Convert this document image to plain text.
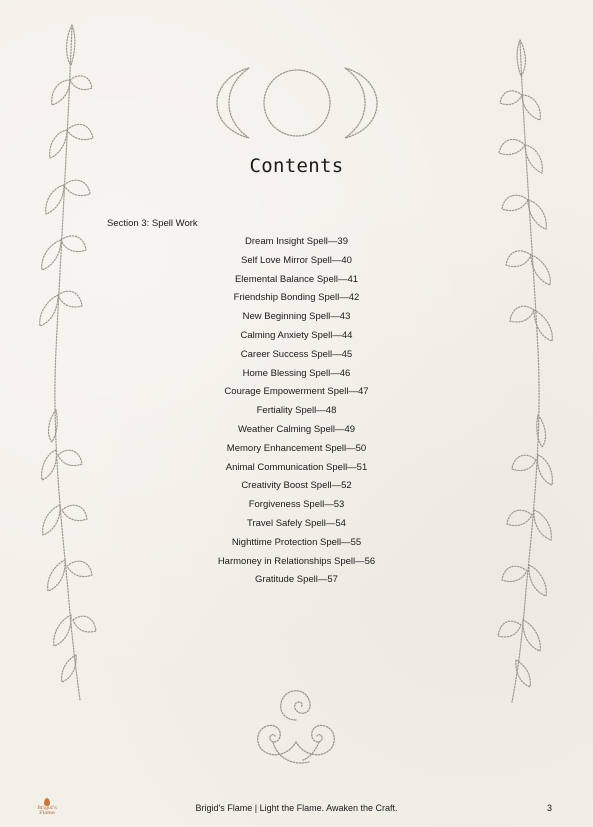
Contents
Section 3: Spell Work
Dream Insight Spell—39
Self Love Mirror Spell—40
Elemental Balance Spell—41
Friendship Bonding Spell—42
New Beginning Spell—43
Calming Anxiety Spell—44
Career Success Spell—45
Home Blessing Spell—46
Courage Empowerment Spell—47
Fertiality Spell—48
Weather Calming Spell—49
Memory Enhancement Spell—50
Animal Communication Spell—51
Creativity Boost Spell—52
Forgiveness Spell—53
Travel Safely Spell—54
Nighttime Protection Spell—55
Harmoney in Relationships Spell—56
Gratitude Spell—57
Brigid's
Flame	Brigid's Flame | Light the Flame. Awaken the Craft.	3
